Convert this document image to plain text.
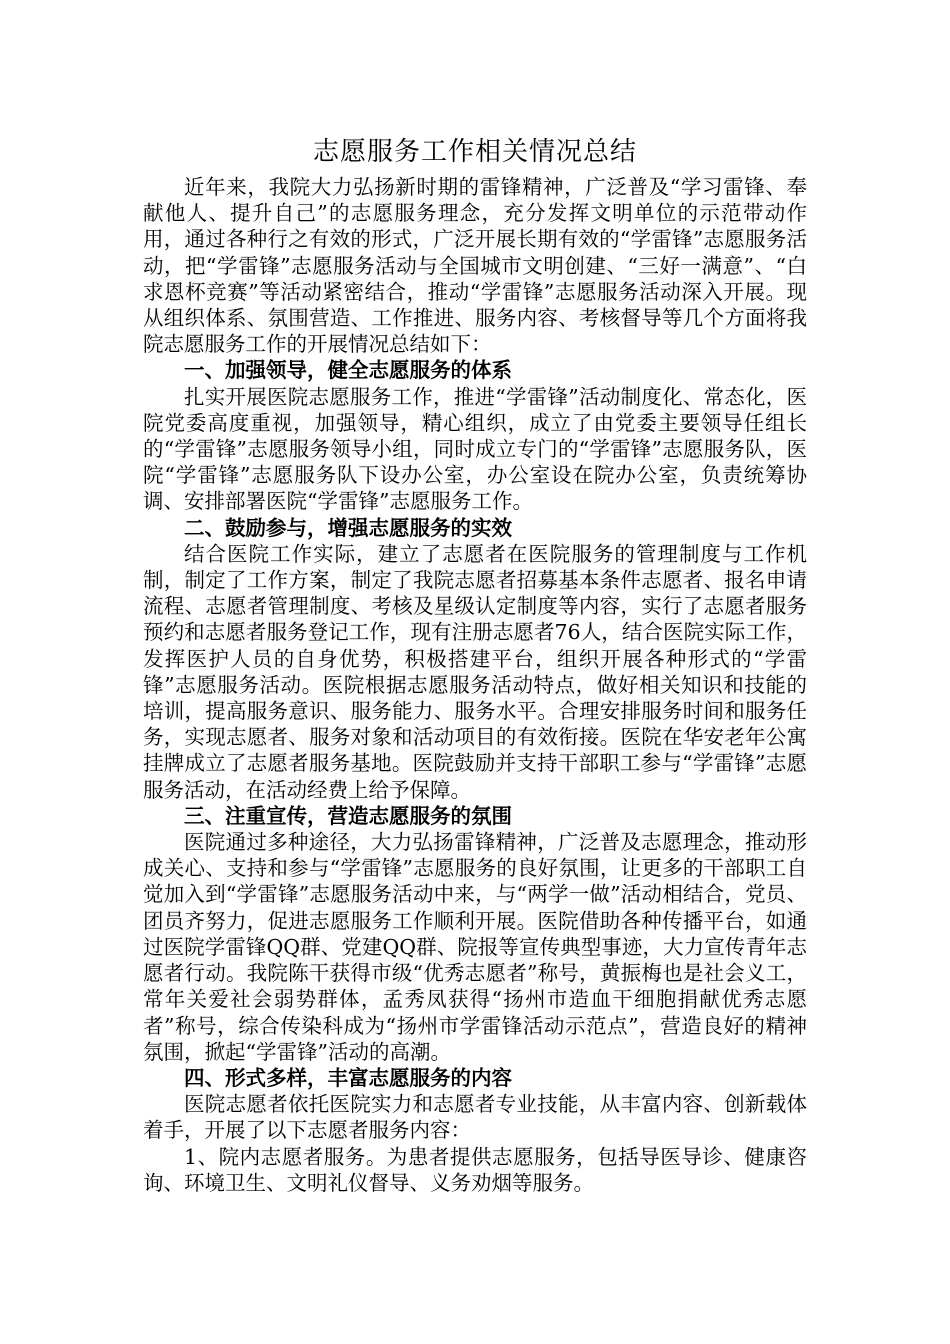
志愿服务工作相关情况总结

近年来，我院大力弘扬新时期的雷锋精神，广泛普及“学习雷锋、奉献他人、提升自己”的志愿服务理念，充分发挥文明单位的示范带动作用，通过各种行之有效的形式，广泛开展长期有效的“学雷锋”志愿服务活动，把“学雷锋”志愿服务活动与全国城市文明创建、“三好一满意”、“白求恩杯竞赛”等活动紧密结合，推动“学雷锋”志愿服务活动深入开展。现从组织体系、氛围营造、工作推进、服务内容、考核督导等几个方面将我院志愿服务工作的开展情况总结如下：

一、加强领导，健全志愿服务的体系

扎实开展医院志愿服务工作，推进“学雷锋”活动制度化、常态化，医院党委高度重视，加强领导，精心组织，成立了由党委主要领导任组长的“学雷锋”志愿服务领导小组，同时成立专门的“学雷锋”志愿服务队，医院“学雷锋”志愿服务队下设办公室，办公室设在院办公室，负责统筹协调、安排部署医院“学雷锋”志愿服务工作。

二、鼓励参与，增强志愿服务的实效

结合医院工作实际，建立了志愿者在医院服务的管理制度与工作机制，制定了工作方案，制定了我院志愿者招募基本条件志愿者、报名申请流程、志愿者管理制度、考核及星级认定制度等内容，实行了志愿者服务预约和志愿者服务登记工作，现有注册志愿者76人，结合医院实际工作，发挥医护人员的自身优势，积极搭建平台，组织开展各种形式的“学雷锋”志愿服务活动。医院根据志愿服务活动特点，做好相关知识和技能的培训，提高服务意识、服务能力、服务水平。合理安排服务时间和服务任务，实现志愿者、服务对象和活动项目的有效衔接。医院在华安老年公寓挂牌成立了志愿者服务基地。医院鼓励并支持干部职工参与“学雷锋”志愿服务活动，在活动经费上给予保障。

三、注重宣传，营造志愿服务的氛围

医院通过多种途径，大力弘扬雷锋精神，广泛普及志愿理念，推动形成关心、支持和参与“学雷锋”志愿服务的良好氛围，让更多的干部职工自觉加入到“学雷锋”志愿服务活动中来，与“两学一做”活动相结合，党员、团员齐努力，促进志愿服务工作顺利开展。医院借助各种传播平台，如通过医院学雷锋QQ群、党建QQ群、院报等宣传典型事迹，大力宣传青年志愿者行动。我院陈干获得市级“优秀志愿者”称号，黄振梅也是社会义工，常年关爱社会弱势群体，孟秀凤获得“扬州市造血干细胞捐献优秀志愿者”称号，综合传染科成为“扬州市学雷锋活动示范点”，营造良好的精神氛围，掀起“学雷锋”活动的高潮。

四、形式多样，丰富志愿服务的内容

医院志愿者依托医院实力和志愿者专业技能，从丰富内容、创新载体着手，开展了以下志愿者服务内容：

1、院内志愿者服务。为患者提供志愿服务，包括导医导诊、健康咨询、环境卫生、文明礼仪督导、义务劝烟等服务。
